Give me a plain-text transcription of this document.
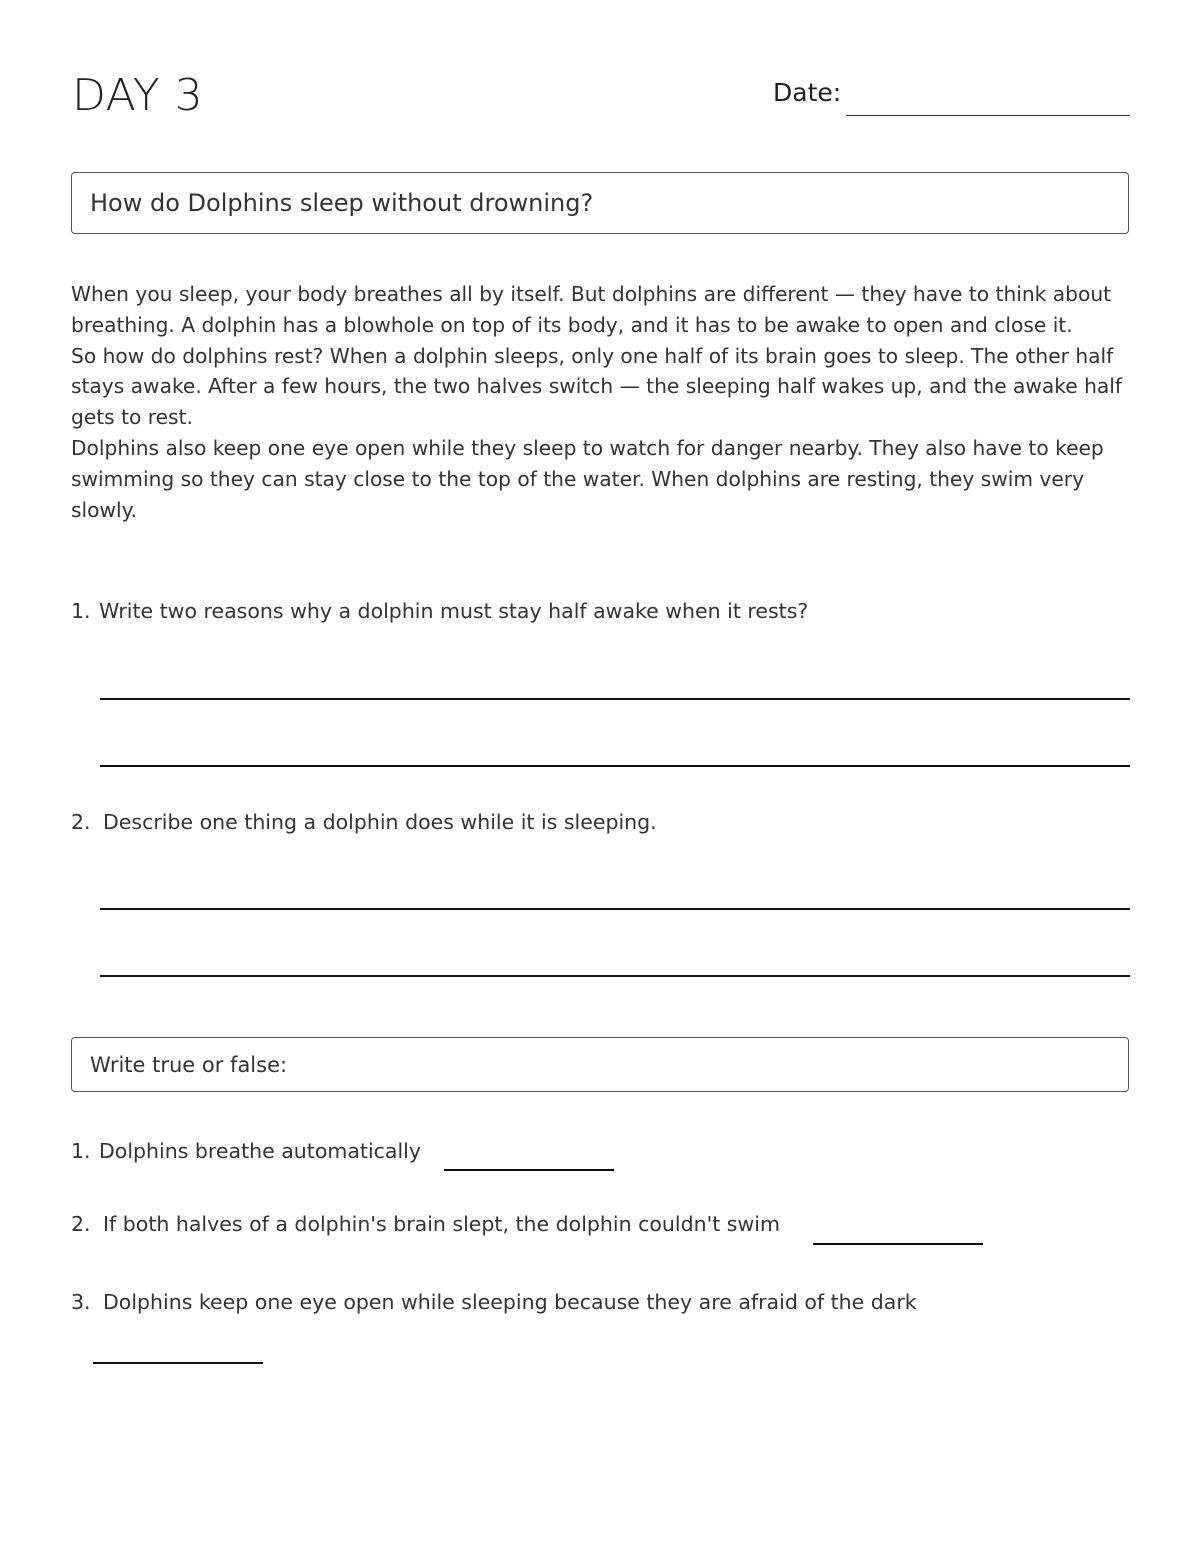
DAY 3	Date:
How do Dolphins sleep without drowning?

When you sleep, your body breathes all by itself. But dolphins are different — they have to think about breathing. A dolphin has a blowhole on top of its body, and it has to be awake to open and close it.

So how do dolphins rest? When a dolphin sleeps, only one half of its brain goes to sleep. The other half stays awake. After a few hours, the two halves switch — the sleeping half wakes up, and the awake half gets to rest.

Dolphins also keep one eye open while they sleep to watch for danger nearby. They also have to keep swimming so they can stay close to the top of the water. When dolphins are resting, they swim very slowly.

1. Write two reasons why a dolphin must stay half awake when it rests?
2. Describe one thing a dolphin does while it is sleeping.
Write true or false:
1. Dolphins breathe automatically
2. If both halves of a dolphin's brain slept, the dolphin couldn't swim
3. Dolphins keep one eye open while sleeping because they are afraid of the dark
